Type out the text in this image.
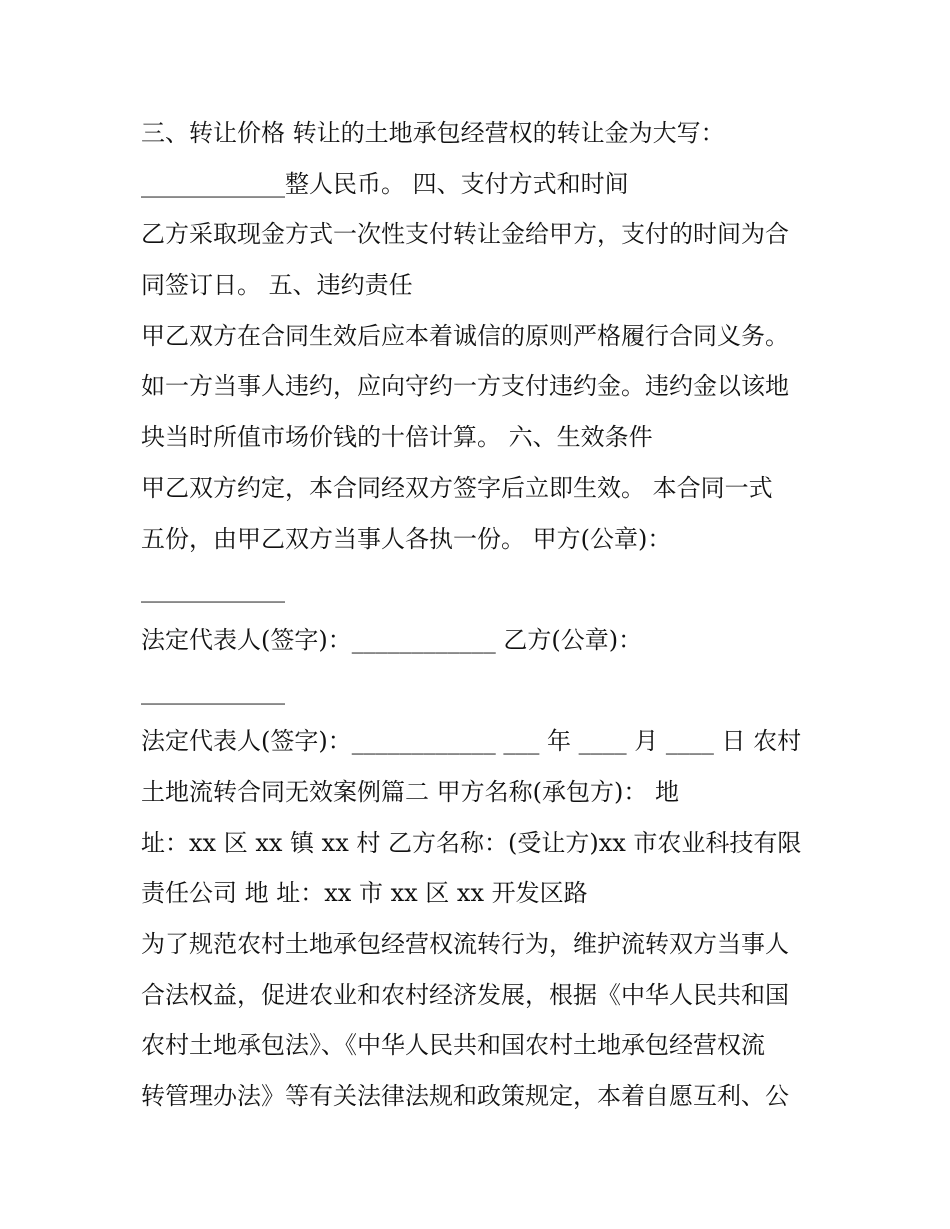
三、转让价格 转让的土地承包经营权的转让金为大写：
____________整人民币。 四、支付方式和时间
乙方采取现金方式一次性支付转让金给甲方，支付的时间为合
同签订日。 五、违约责任
甲乙双方在合同生效后应本着诚信的原则严格履行合同义务。
如一方当事人违约，应向守约一方支付违约金。违约金以该地
块当时所值市场价钱的十倍计算。 六、生效条件
甲乙双方约定，本合同经双方签字后立即生效。 本合同一式
五份，由甲乙双方当事人各执一份。 甲方(公章)：
____________
法定代表人(签字)：____________ 乙方(公章)：
____________
法定代表人(签字)：____________ ___ 年 ____ 月 ____ 日 农村
土地流转合同无效案例篇二 甲方名称(承包方)： 地
址：xx 区 xx 镇 xx 村 乙方名称：(受让方)xx 市农业科技有限
责任公司 地 址：xx 市 xx 区 xx 开发区路
为了规范农村土地承包经营权流转行为，维护流转双方当事人
合法权益，促进农业和农村经济发展，根据《中华人民共和国
农村土地承包法》、《中华人民共和国农村土地承包经营权流
转管理办法》等有关法律法规和政策规定，本着自愿互利、公
